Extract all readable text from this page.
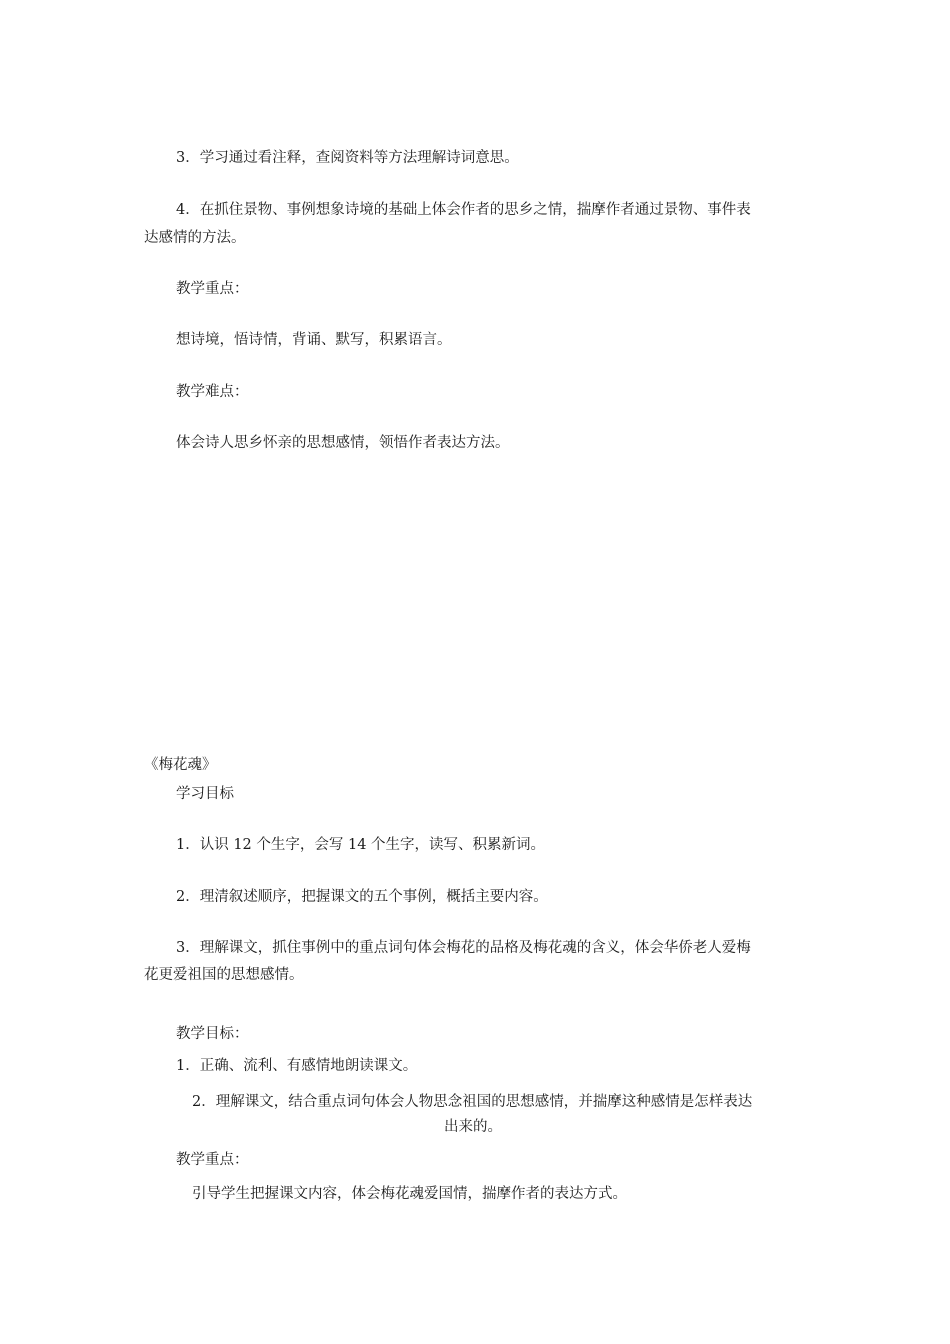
3．学习通过看注释，查阅资料等方法理解诗词意思。
4．在抓住景物、事例想象诗境的基础上体会作者的思乡之情，揣摩作者通过景物、事件表
达感情的方法。
教学重点：
想诗境，悟诗情，背诵、默写，积累语言。
教学难点：
体会诗人思乡怀亲的思想感情，领悟作者表达方法。
《梅花魂》
学习目标
1．认识 12 个生字，会写 14 个生字，读写、积累新词。
2．理清叙述顺序，把握课文的五个事例，概括主要内容。
3．理解课文，抓住事例中的重点词句体会梅花的品格及梅花魂的含义，体会华侨老人爱梅
花更爱祖国的思想感情。
教学目标：
1．正确、流利、有感情地朗读课文。
2．理解课文，结合重点词句体会人物思念祖国的思想感情，并揣摩这种感情是怎样表达
出来的。
教学重点：
引导学生把握课文内容，体会梅花魂爱国情，揣摩作者的表达方式。
